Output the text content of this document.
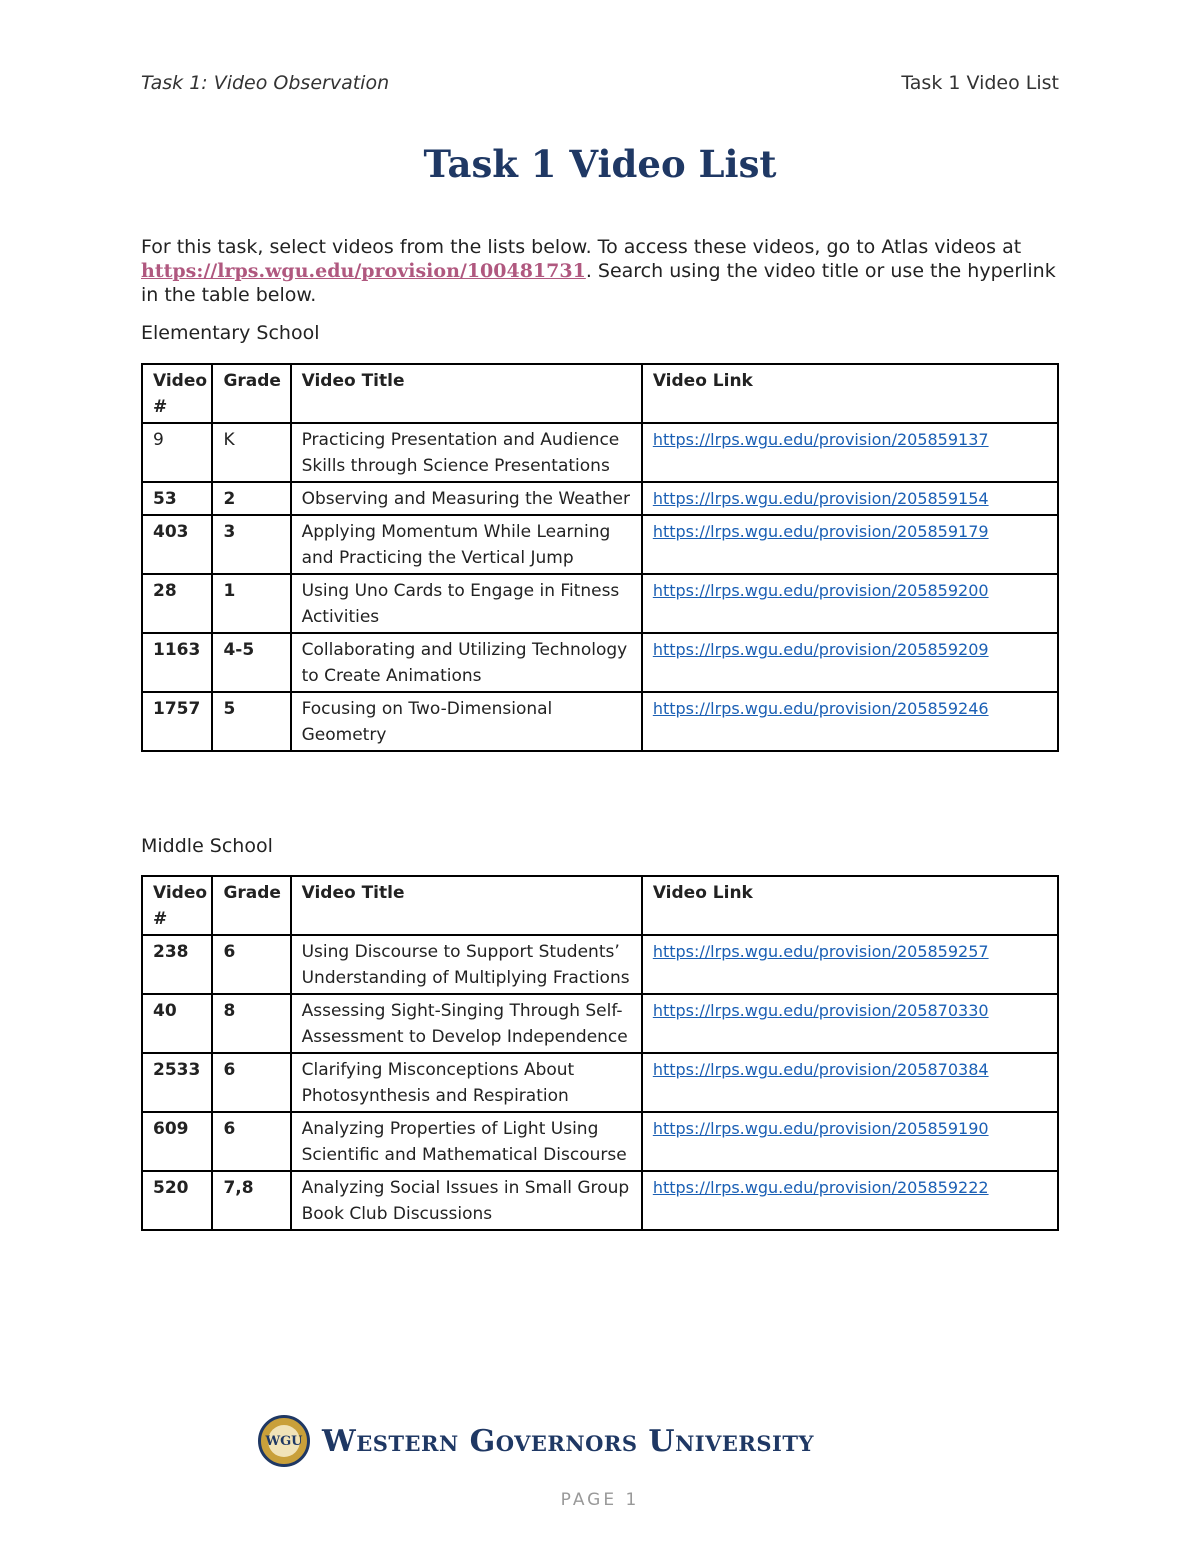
Task 1: Video Observation	Task 1 Video List
Task 1 Video List
For this task, select videos from the lists below. To access these videos, go to Atlas videos at https://lrps.wgu.edu/provision/100481731. Search using the video title or use the hyperlink in the table below.
Elementary School
Video #	Grade	Video Title	Video Link
9	K	Practicing Presentation and Audience Skills through Science Presentations	https://lrps.wgu.edu/provision/205859137
53	2	Observing and Measuring the Weather	https://lrps.wgu.edu/provision/205859154
403	3	Applying Momentum While Learning and Practicing the Vertical Jump	https://lrps.wgu.edu/provision/205859179
28	1	Using Uno Cards to Engage in Fitness Activities	https://lrps.wgu.edu/provision/205859200
1163	4-5	Collaborating and Utilizing Technology to Create Animations	https://lrps.wgu.edu/provision/205859209
1757	5	Focusing on Two-Dimensional Geometry	https://lrps.wgu.edu/provision/205859246
Middle School
Video #	Grade	Video Title	Video Link
238	6	Using Discourse to Support Students’ Understanding of Multiplying Fractions	https://lrps.wgu.edu/provision/205859257
40	8	Assessing Sight-Singing Through Self-Assessment to Develop Independence	https://lrps.wgu.edu/provision/205870330
2533	6	Clarifying Misconceptions About Photosynthesis and Respiration	https://lrps.wgu.edu/provision/205870384
609	6	Analyzing Properties of Light Using Scientific and Mathematical Discourse	https://lrps.wgu.edu/provision/205859190
520	7,8	Analyzing Social Issues in Small Group Book Club Discussions	https://lrps.wgu.edu/provision/205859222
WGU Western Governors University
PAGE 1
